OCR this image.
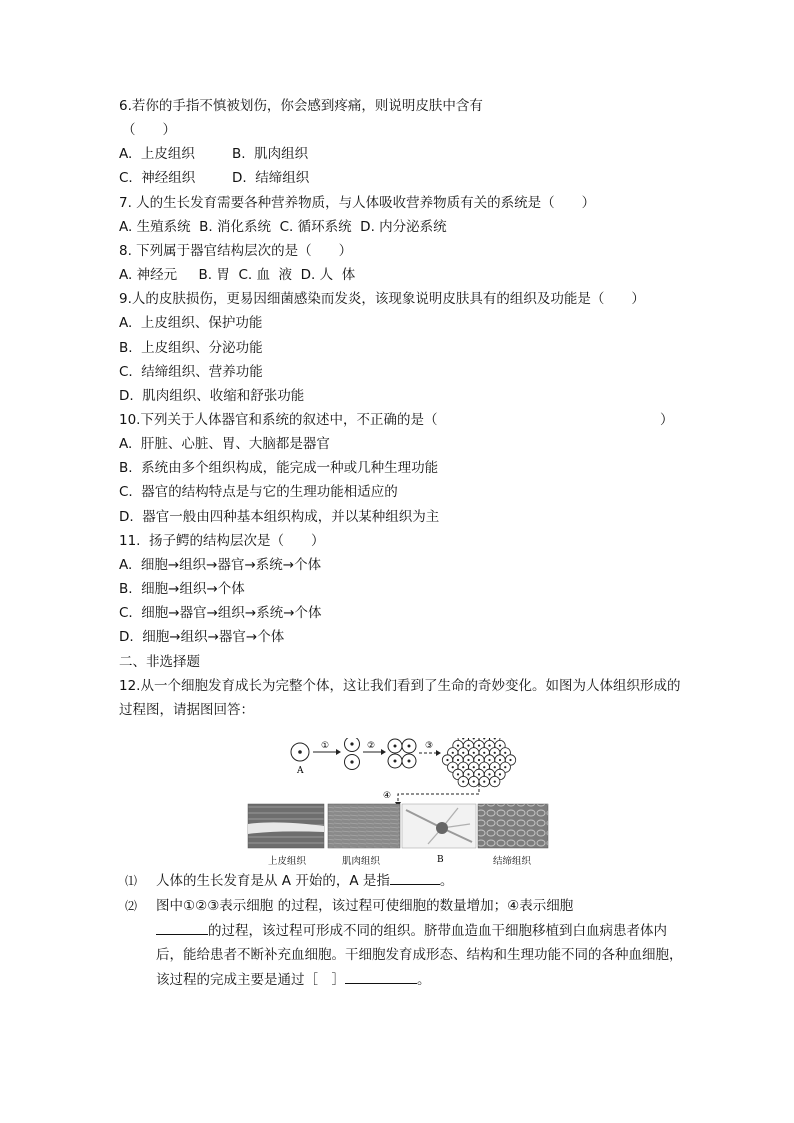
6.若你的手指不慎被划伤，你会感到疼痛，则说明皮肤中含有
（　　）
A.  上皮组织	B.  肌肉组织
C.  神经组织	D.  结缔组织
7. 人的生长发育需要各种营养物质，与人体吸收营养物质有关的系统是（　　）
A. 生殖系统  B. 消化系统  C. 循环系统  D. 内分泌系统
8. 下列属于器官结构层次的是（　　）
A. 神经元     B. 胃  C. 血  液  D. 人  体
9.人的皮肤损伤，更易因细菌感染而发炎，该现象说明皮肤具有的组织及功能是（　　）
A.  上皮组织、保护功能
B.  上皮组织、分泌功能
C.  结缔组织、营养功能
D.  肌肉组织、收缩和舒张功能
10.下列关于人体器官和系统的叙述中，不正确的是（	）
A.  肝脏、心脏、胃、大脑都是器官
B.  系统由多个组织构成，能完成一种或几种生理功能
C.  器官的结构特点是与它的生理功能相适应的
D.  器官一般由四种基本组织构成，并以某种组织为主
11.  扬子鳄的结构层次是（　　）
A.  细胞→组织→器官→系统→个体
B.  细胞→组织→个体
C.  细胞→器官→组织→系统→个体
D.  细胞→组织→器官→个体
二、非选择题
12.从一个细胞发育成长为完整个体，这让我们看到了生命的奇妙变化。如图为人体组织形成的过程图，请据图回答：
A
①	②	③
④
B
上皮组织	肌肉组织	结缔组织
⑴ 人体的生长发育是从 A 开始的，A 是指	。
⑵ 图中①②③表示细胞 的过程，该过程可使细胞的数量增加；④表示细胞
的过程，该过程可形成不同的组织。脐带血造血干细胞移植到白血病患者体内后，能给患者不断补充血细胞。干细胞发育成形态、结构和生理功能不同的各种血细胞，该过程的完成主要是通过［　］	。
